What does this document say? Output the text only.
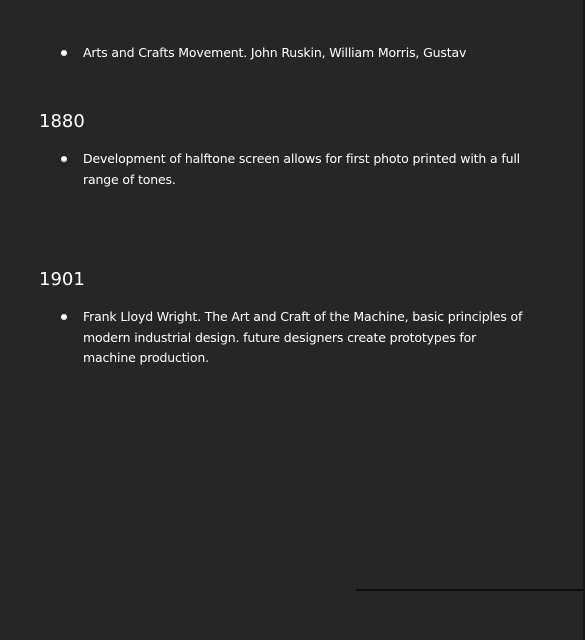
Arts and Crafts Movement. John Ruskin, William Morris, Gustav
1880
Development of halftone screen allows for first photo printed with a full range of tones.
1901
Frank Lloyd Wright. The Art and Craft of the Machine, basic principles of modern industrial design. future designers create prototypes for machine production.
